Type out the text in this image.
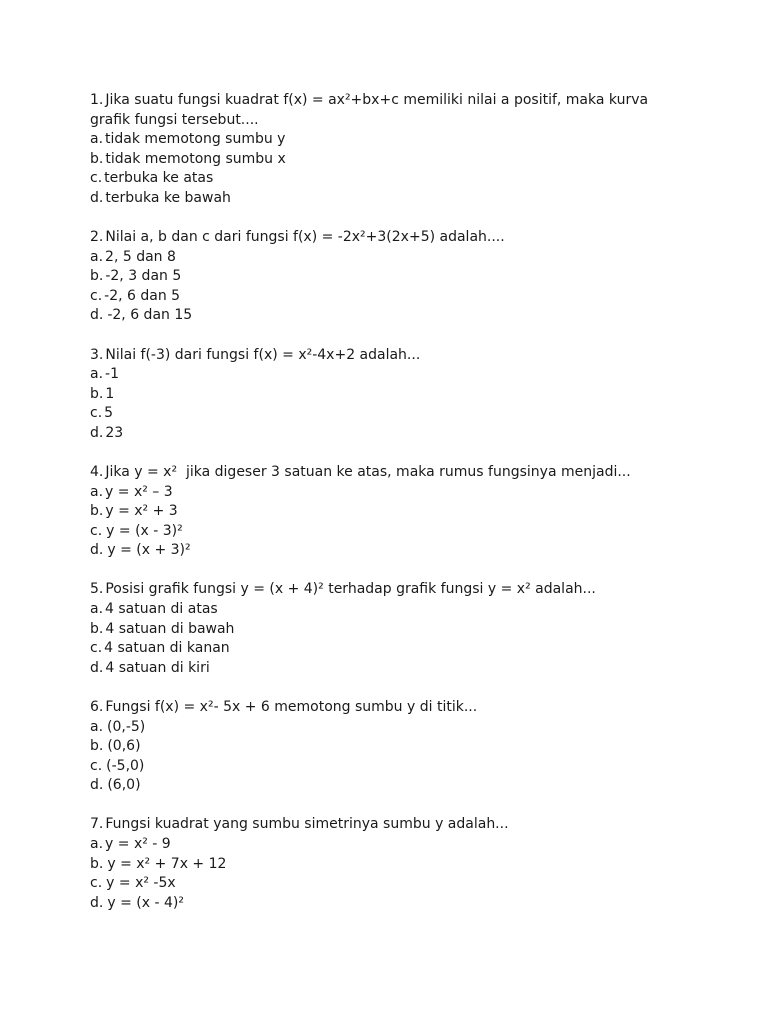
1. Jika suatu fungsi kuadrat f(x) = ax²+bx+c memiliki nilai a positif, maka kurva grafik fungsi tersebut....
a. tidak memotong sumbu y
b. tidak memotong sumbu x
c. terbuka ke atas
d. terbuka ke bawah
2. Nilai a, b dan c dari fungsi f(x) = -2x²+3(2x+5) adalah....
a. 2, 5 dan 8
b. -2, 3 dan 5
c. -2, 6 dan 5
d. -2, 6 dan 15
3. Nilai f(-3) dari fungsi f(x) = x²-4x+2 adalah...
a. -1
b. 1
c. 5
d. 23
4. Jika y = x²  jika digeser 3 satuan ke atas, maka rumus fungsinya menjadi...
a. y = x² – 3
b. y = x² + 3
c. y = (x - 3)²
d. y = (x + 3)²
5. Posisi grafik fungsi y = (x + 4)² terhadap grafik fungsi y = x² adalah...
a. 4 satuan di atas
b. 4 satuan di bawah
c. 4 satuan di kanan
d. 4 satuan di kiri
6. Fungsi f(x) = x²- 5x + 6 memotong sumbu y di titik...
a. (0,-5)
b. (0,6)
c. (-5,0)
d. (6,0)
7. Fungsi kuadrat yang sumbu simetrinya sumbu y adalah...
a. y = x² - 9
b. y = x² + 7x + 12
c. y = x² -5x
d. y = (x - 4)²
